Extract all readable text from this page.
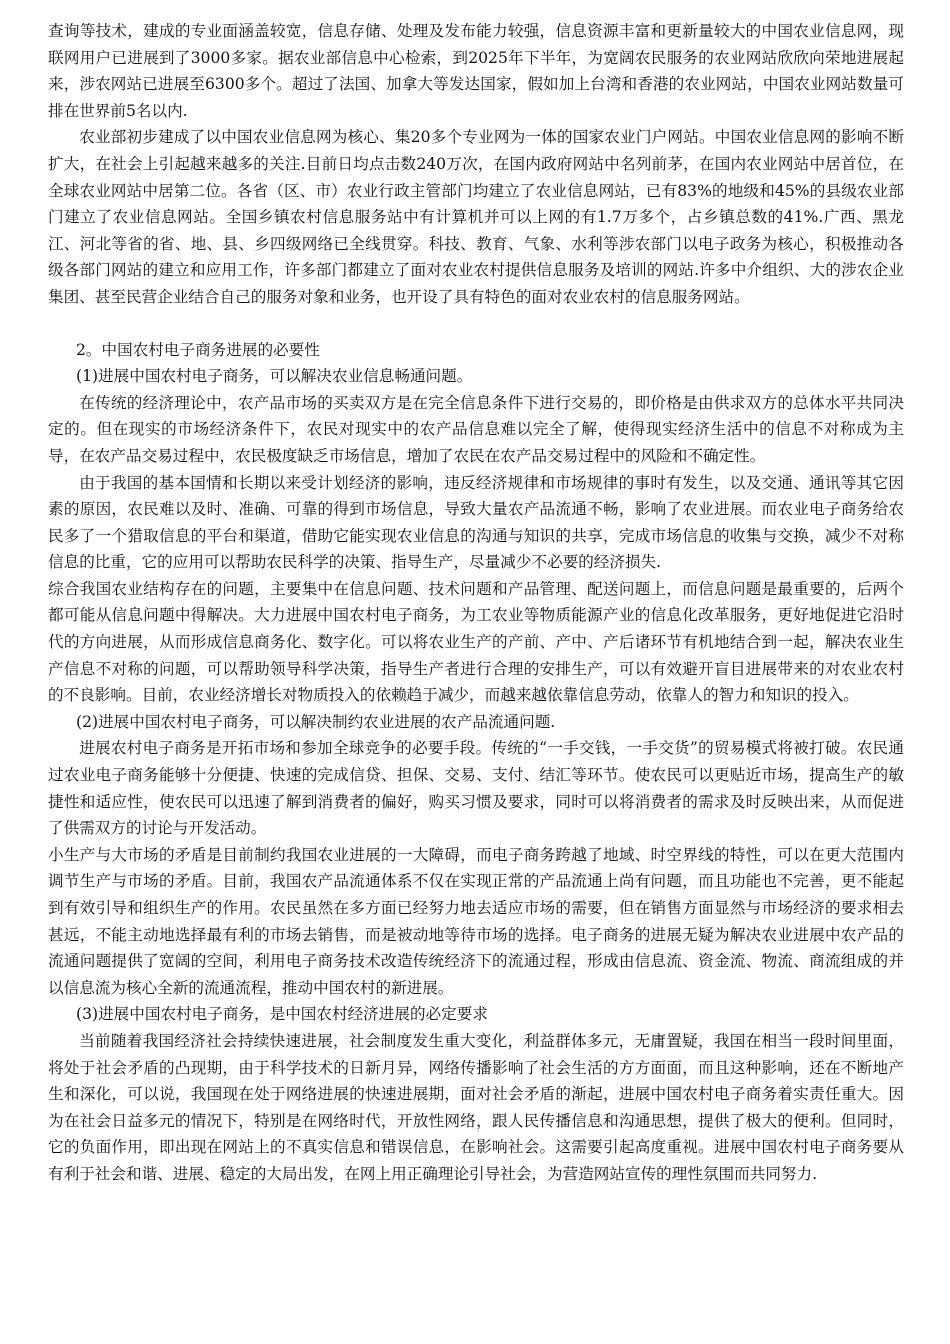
查询等技术，建成的专业面涵盖较宽，信息存储、处理及发布能力较强，信息资源丰富和更新量较大的中国农业信息网，现联网用户已进展到了3000多家。据农业部信息中心检索，到2025年下半年，为宽阔农民服务的农业网站欣欣向荣地进展起来，涉农网站已进展至6300多个。超过了法国、加拿大等发达国家，假如加上台湾和香港的农业网站，中国农业网站数量可排在世界前5名以内.

农业部初步建成了以中国农业信息网为核心、集20多个专业网为一体的国家农业门户网站。中国农业信息网的影响不断扩大，在社会上引起越来越多的关注.目前日均点击数240万次，在国内政府网站中名列前茅，在国内农业网站中居首位，在全球农业网站中居第二位。各省（区、市）农业行政主管部门均建立了农业信息网站，已有83%的地级和45%的县级农业部门建立了农业信息网站。全国乡镇农村信息服务站中有计算机并可以上网的有1.7万多个，占乡镇总数的41%.广西、黑龙江、河北等省的省、地、县、乡四级网络已全线贯穿。科技、教育、气象、水利等涉农部门以电子政务为核心，积极推动各级各部门网站的建立和应用工作，许多部门都建立了面对农业农村提供信息服务及培训的网站.许多中介组织、大的涉农企业集团、甚至民营企业结合自己的服务对象和业务，也开设了具有特色的面对农业农村的信息服务网站。

2。中国农村电子商务进展的必要性

(1)进展中国农村电子商务，可以解决农业信息畅通问题。

在传统的经济理论中，农产品市场的买卖双方是在完全信息条件下进行交易的，即价格是由供求双方的总体水平共同决定的。但在现实的市场经济条件下，农民对现实中的农产品信息难以完全了解，使得现实经济生活中的信息不对称成为主导，在农产品交易过程中，农民极度缺乏市场信息，增加了农民在农产品交易过程中的风险和不确定性。

由于我国的基本国情和长期以来受计划经济的影响，违反经济规律和市场规律的事时有发生，以及交通、通讯等其它因素的原因，农民难以及时、准确、可靠的得到市场信息，导致大量农产品流通不畅，影响了农业进展。而农业电子商务给农民多了一个猎取信息的平台和渠道，借助它能实现农业信息的沟通与知识的共享，完成市场信息的收集与交换，减少不对称信息的比重，它的应用可以帮助农民科学的决策、指导生产，尽量减少不必要的经济损失.

综合我国农业结构存在的问题，主要集中在信息问题、技术问题和产品管理、配送问题上，而信息问题是最重要的，后两个都可能从信息问题中得解决。大力进展中国农村电子商务，为工农业等物质能源产业的信息化改革服务，更好地促进它沿时代的方向进展，从而形成信息商务化、数字化。可以将农业生产的产前、产中、产后诸环节有机地结合到一起，解决农业生产信息不对称的问题，可以帮助领导科学决策，指导生产者进行合理的安排生产，可以有效避开盲目进展带来的对农业农村的不良影响。目前，农业经济增长对物质投入的依赖趋于减少，而越来越依靠信息劳动，依靠人的智力和知识的投入。

(2)进展中国农村电子商务，可以解决制约农业进展的农产品流通问题.

进展农村电子商务是开拓市场和参加全球竞争的必要手段。传统的“一手交钱，一手交货”的贸易模式将被打破。农民通过农业电子商务能够十分便捷、快速的完成信贷、担保、交易、支付、结汇等环节。使农民可以更贴近市场，提高生产的敏捷性和适应性，使农民可以迅速了解到消费者的偏好，购买习惯及要求，同时可以将消费者的需求及时反映出来，从而促进了供需双方的讨论与开发活动。

小生产与大市场的矛盾是目前制约我国农业进展的一大障碍，而电子商务跨越了地域、时空界线的特性，可以在更大范围内调节生产与市场的矛盾。目前，我国农产品流通体系不仅在实现正常的产品流通上尚有问题，而且功能也不完善，更不能起到有效引导和组织生产的作用。农民虽然在多方面已经努力地去适应市场的需要，但在销售方面显然与市场经济的要求相去甚远，不能主动地选择最有利的市场去销售，而是被动地等待市场的选择。电子商务的进展无疑为解决农业进展中农产品的流通问题提供了宽阔的空间，利用电子商务技术改造传统经济下的流通过程，形成由信息流、资金流、物流、商流组成的并以信息流为核心全新的流通流程，推动中国农村的新进展。

(3)进展中国农村电子商务，是中国农村经济进展的必定要求

当前随着我国经济社会持续快速进展，社会制度发生重大变化，利益群体多元，无庸置疑，我国在相当一段时间里面，将处于社会矛盾的凸现期，由于科学技术的日新月异，网络传播影响了社会生活的方方面面，而且这种影响，还在不断地产生和深化，可以说，我国现在处于网络进展的快速进展期，面对社会矛盾的渐起，进展中国农村电子商务着实责任重大。因为在社会日益多元的情况下，特别是在网络时代，开放性网络，跟人民传播信息和沟通思想，提供了极大的便利。但同时，它的负面作用，即出现在网站上的不真实信息和错误信息，在影响社会。这需要引起高度重视。进展中国农村电子商务要从有利于社会和谐、进展、稳定的大局出发，在网上用正确理论引导社会，为营造网站宣传的理性氛围而共同努力.
